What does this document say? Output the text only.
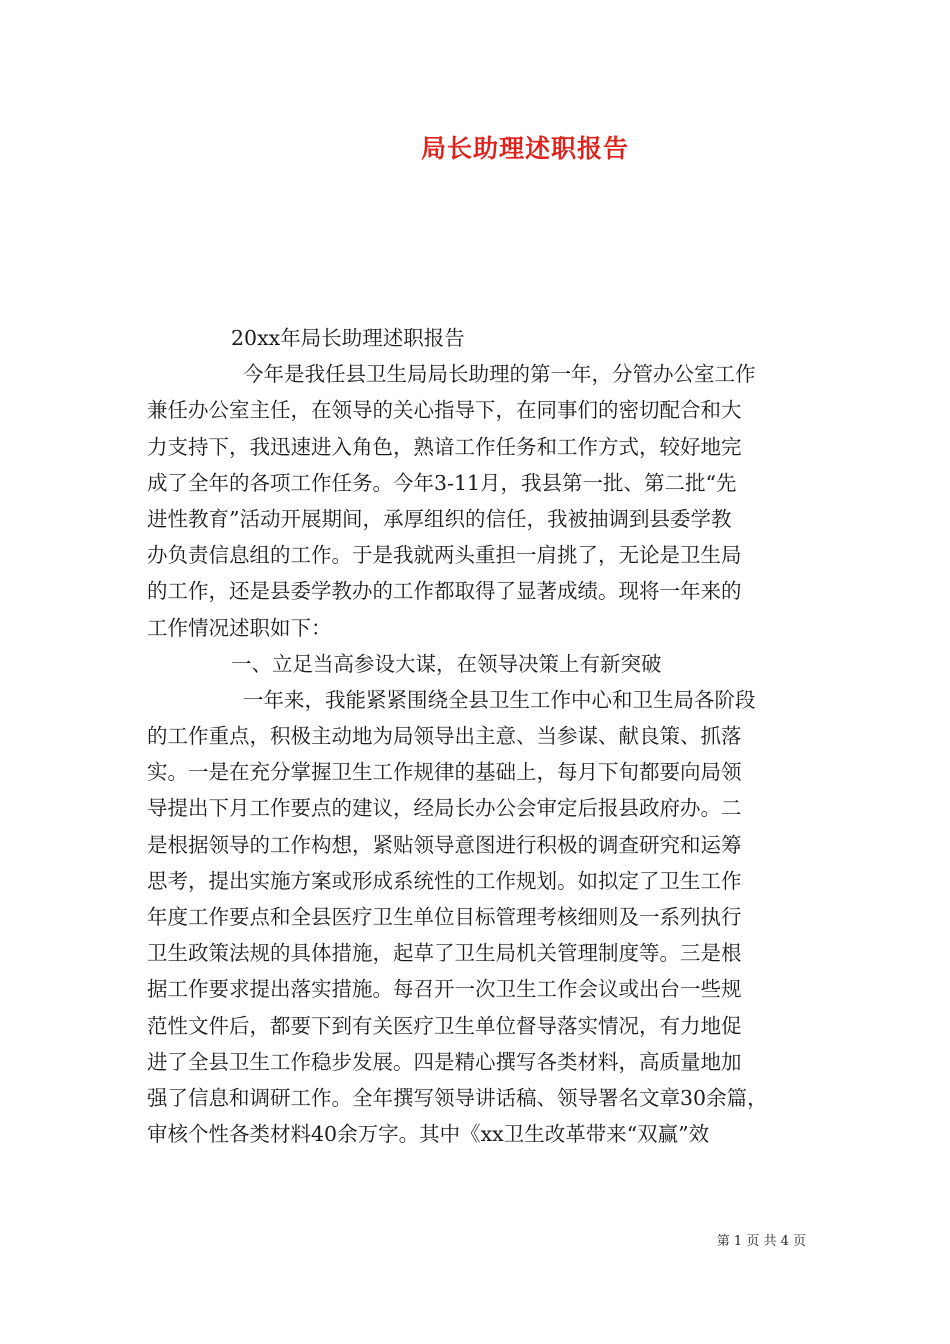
局长助理述职报告
20xx年局长助理述职报告
今年是我任县卫生局局长助理的第一年，分管办公室工作
兼任办公室主任，在领导的关心指导下，在同事们的密切配合和大
力支持下，我迅速进入角色，熟谙工作任务和工作方式，较好地完
成了全年的各项工作任务。今年3-11月，我县第一批、第二批“先
进性教育”活动开展期间，承厚组织的信任，我被抽调到县委学教
办负责信息组的工作。于是我就两头重担一肩挑了，无论是卫生局
的工作，还是县委学教办的工作都取得了显著成绩。现将一年来的
工作情况述职如下：
一、立足当高参设大谋，在领导决策上有新突破
一年来，我能紧紧围绕全县卫生工作中心和卫生局各阶段
的工作重点，积极主动地为局领导出主意、当参谋、献良策、抓落
实。一是在充分掌握卫生工作规律的基础上，每月下旬都要向局领
导提出下月工作要点的建议，经局长办公会审定后报县政府办。二
是根据领导的工作构想，紧贴领导意图进行积极的调查研究和运筹
思考，提出实施方案或形成系统性的工作规划。如拟定了卫生工作
年度工作要点和全县医疗卫生单位目标管理考核细则及一系列执行
卫生政策法规的具体措施，起草了卫生局机关管理制度等。三是根
据工作要求提出落实措施。每召开一次卫生工作会议或出台一些规
范性文件后，都要下到有关医疗卫生单位督导落实情况，有力地促
进了全县卫生工作稳步发展。四是精心撰写各类材料，高质量地加
强了信息和调研工作。全年撰写领导讲话稿、领导署名文章30余篇，
审核个性各类材料40余万字。其中《xx卫生改革带来“双赢”效
第 1 页 共 4 页
